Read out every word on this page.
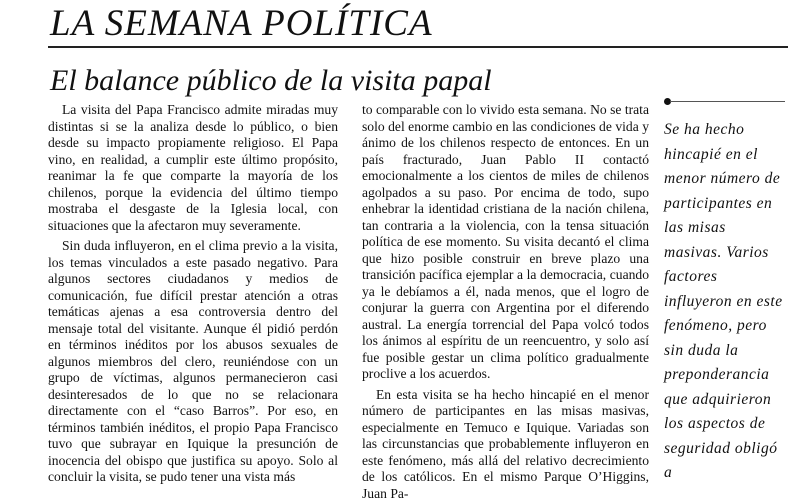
LA SEMANA POLÍTICA
El balance público de la visita papal

La visita del Papa Francisco admite miradas muy distintas si se la analiza desde lo público, o bien desde su impacto propiamente religioso. El Papa vino, en realidad, a cumplir este último propósito, reanimar la fe que comparte la mayoría de los chilenos, porque la evidencia del último tiempo mostraba el desgaste de la Iglesia local, con situaciones que la afectaron muy severamente.

Sin duda influyeron, en el clima previo a la visita, los temas vinculados a este pasado negativo. Para algunos sectores ciudadanos y medios de comunicación, fue difícil prestar atención a otras temáticas ajenas a esa controversia dentro del mensaje total del visitante. Aunque él pidió perdón en términos inéditos por los abusos sexuales de algunos miembros del clero, reuniéndose con un grupo de víctimas, algunos permanecieron casi desinteresados de lo que no se relacionara directamente con el “caso Barros”. Por eso, en términos también inéditos, el propio Papa Francisco tuvo que subrayar en Iquique la presunción de inocencia del obispo que justifica su apoyo. Solo al concluir la visita, se pudo tener una vista más

to comparable con lo vivido esta semana. No se trata solo del enorme cambio en las condiciones de vida y ánimo de los chilenos respecto de entonces. En un país fracturado, Juan Pablo II contactó emocionalmente a los cientos de miles de chilenos agolpados a su paso. Por encima de todo, supo enhebrar la identidad cristiana de la nación chilena, tan contraria a la violencia, con la tensa situación política de ese momento. Su visita decantó el clima que hizo posible construir en breve plazo una transición pacífica ejemplar a la democracia, cuando ya le debíamos a él, nada menos, que el logro de conjurar la guerra con Argentina por el diferendo austral. La energía torrencial del Papa volcó todos los ánimos al espíritu de un reencuentro, y solo así fue posible gestar un clima político gradualmente proclive a los acuerdos.

En esta visita se ha hecho hincapié en el menor número de participantes en las misas masivas, especialmente en Temuco e Iquique. Variadas son las circunstancias que probablemente influyeron en este fenómeno, más allá del relativo decrecimiento de los católicos. En el mismo Parque O’Higgins, Juan Pa-

Se ha hecho hincapié en el menor número de participantes en las misas masivas. Varios factores influyeron en este fenómeno, pero sin duda la preponderancia que adquirieron los aspectos de seguridad obligó a
